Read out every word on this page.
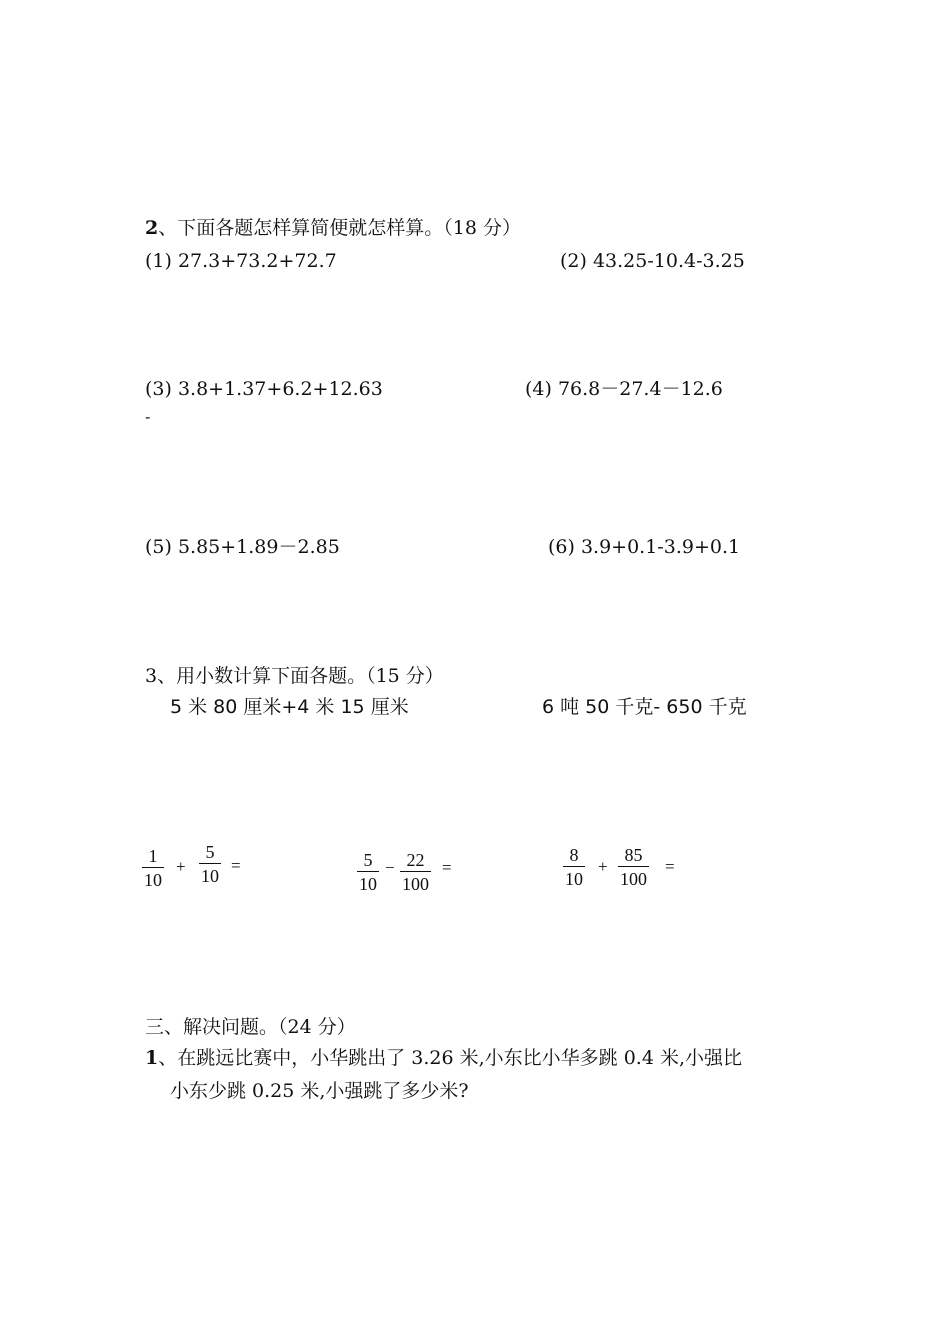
2、下面各题怎样算简便就怎样算。（18 分）
(1) 27.3+73.2+72.7	(2) 43.25-10.4-3.25
(3) 3.8+1.37+6.2+12.63
-
(4) 76.8－27.4－12.6
(5) 5.85+1.89－2.85	(6) 3.9+0.1-3.9+0.1
3、用小数计算下面各题。（15 分）
5 米 80 厘米+4 米 15 厘米	6 吨 50 千克- 650 千克
1
10
+
5
10
=	5
10
− 22
100
=
8
10
+
85
100
=
三、解决问题。（24 分）
1、在跳远比赛中，小华跳出了 3.26 米,小东比小华多跳 0.4 米,小强比
小东少跳 0.25 米,小强跳了多少米?
